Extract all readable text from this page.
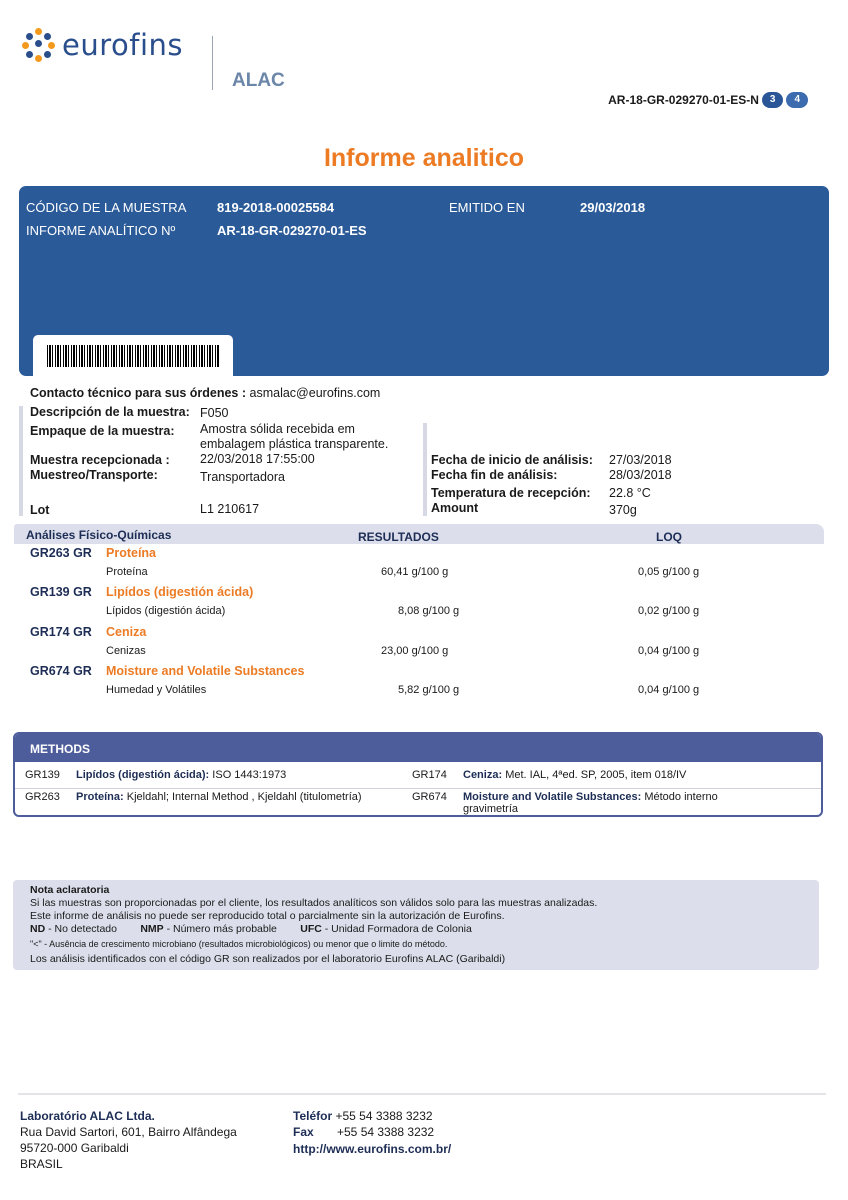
eurofins
ALAC
AR-18-GR-029270-01-ES-N	3	4
Informe analitico
CÓDIGO DE LA MUESTRA 819-2018-00025584	EMITIDO EN	29/03/2018
INFORME ANALÍTICO Nº	AR-18-GR-029270-01-ES
Contacto técnico para sus órdenes : asmalac@eurofins.com
Descripción de la muestra: F050
Empaque de la muestra: Amostra sólida recebida em
embalagem plástica transparente.
Muestra recepcionada : 22/03/2018 17:55:00
Muestreo/Transporte:	Transportadora
Lot	L1 210617
Fecha de inicio de análisis: 27/03/2018
Fecha fin de análisis:	28/03/2018
Temperatura de recepción: 22.8 °C
Amount	370g
Análises Físico-Químicas	RESULTADOS	LOQ
GR263 GR Proteína
Proteína	60,41 g/100 g	0,05 g/100 g
GR139 GR Lipídos (digestión ácida)
Lípidos (digestión ácida)	8,08 g/100 g	0,02 g/100 g
GR174 GR Ceniza
Cenizas	23,00 g/100 g	0,04 g/100 g
GR674 GR Moisture and Volatile Substances
Humedad y Volátiles	5,82 g/100 g	0,04 g/100 g
METHODS
GR139 Lipídos (digestión ácida): ISO 1443:1973	GR174 Ceniza: Met. IAL, 4ªed. SP, 2005, item 018/IV
GR263 Proteína: Kjeldahl; Internal Method , Kjeldahl (titulometría)	GR674 Moisture and Volatile Substances: Método interno
gravimetría
Nota aclaratoria
Si las muestras son proporcionadas por el cliente, los resultados analíticos son válidos solo para las muestras analizadas.
Este informe de análisis no puede ser reproducido total o parcialmente sin la autorización de Eurofins.
ND - No detectado NMP - Número más probable UFC - Unidad Formadora de Colonia
"<" - Ausência de crescimento microbiano (resultados microbiológicos) ou menor que o limite do método.
Los análisis identificados con el código GR son realizados por el laboratorio Eurofins ALAC (Garibaldi)
Laboratório ALAC Ltda.
Rua David Sartori, 601, Bairro Alfândega
95720-000 Garibaldi
BRASIL
Teléfor +55 54 3388 3232
Fax +55 54 3388 3232
http://www.eurofins.com.br/
